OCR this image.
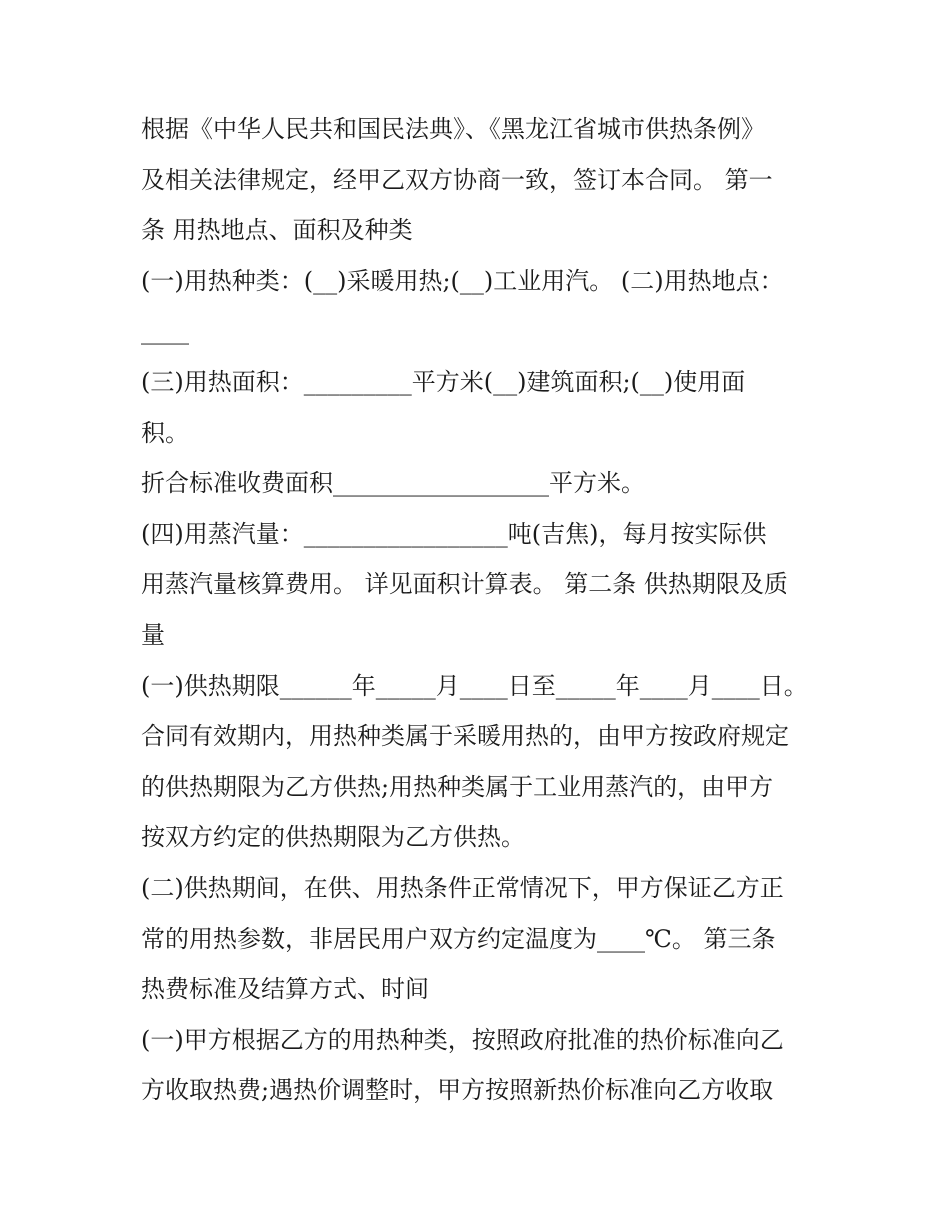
根据《中华人民共和国民法典》、《黑龙江省城市供热条例》
及相关法律规定，经甲乙双方协商一致，签订本合同。 第一
条 用热地点、面积及种类
(一)用热种类：(__)采暖用热;(__)工业用汽。 (二)用热地点：
____
(三)用热面积：_________平方米(__)建筑面积;(__)使用面
积。
折合标准收费面积__________________平方米。
(四)用蒸汽量：_________________吨(吉焦)，每月按实际供
用蒸汽量核算费用。 详见面积计算表。 第二条 供热期限及质
量
(一)供热期限______年_____月____日至_____年____月____日。
合同有效期内，用热种类属于采暖用热的，由甲方按政府规定
的供热期限为乙方供热;用热种类属于工业用蒸汽的，由甲方
按双方约定的供热期限为乙方供热。
(二)供热期间，在供、用热条件正常情况下，甲方保证乙方正
常的用热参数，非居民用户双方约定温度为____℃。 第三条
热费标准及结算方式、时间
(一)甲方根据乙方的用热种类，按照政府批准的热价标准向乙
方收取热费;遇热价调整时，甲方按照新热价标准向乙方收取
